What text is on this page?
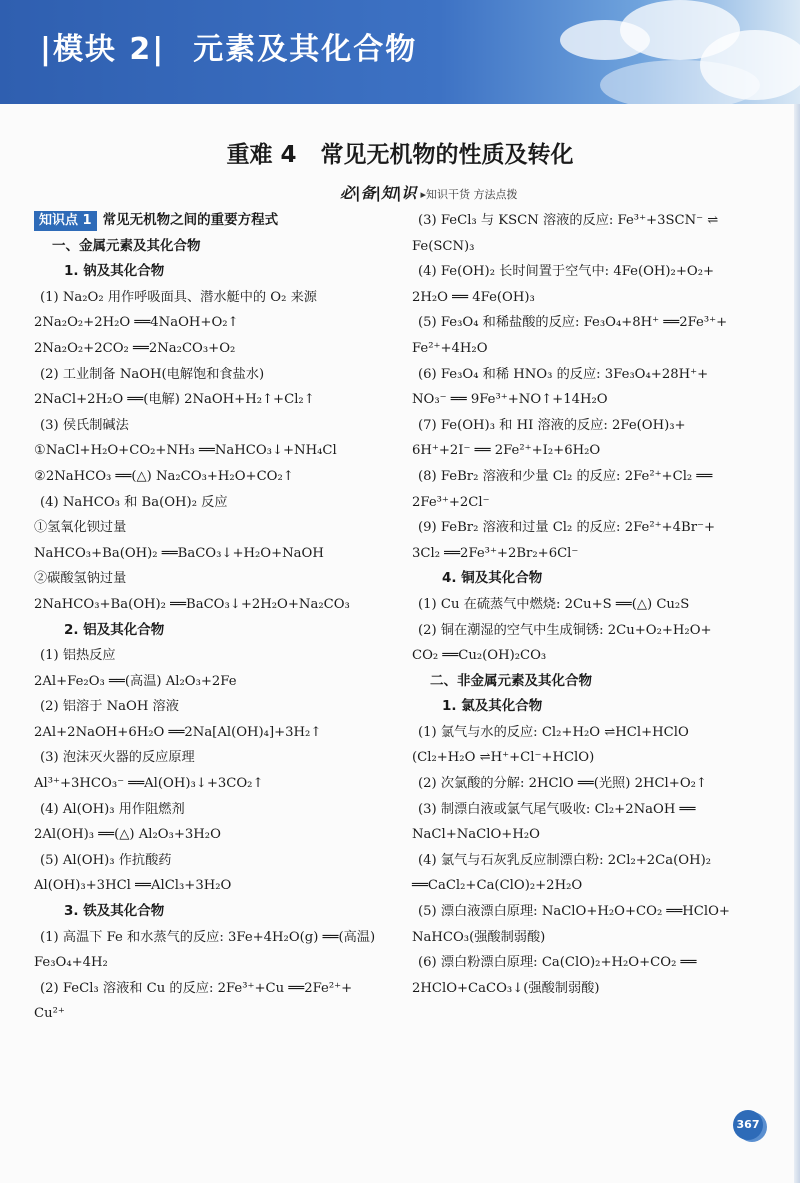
|模块 2| 元素及其化合物
重难 4 常见无机物的性质及转化
必|备|知|识 ▸知识干货 方法点拨
知识点 1 常见无机物之间的重要方程式
一、金属元素及其化合物
1. 钠及其化合物
(1) Na₂O₂ 用作呼吸面具、潜水艇中的 O₂ 来源
2Na₂O₂+2H₂O ══4NaOH+O₂↑
2Na₂O₂+2CO₂ ══2Na₂CO₃+O₂
(2) 工业制备 NaOH(电解饱和食盐水)
2NaCl+2H₂O ══(电解) 2NaOH+H₂↑+Cl₂↑
(3) 侯氏制碱法
①NaCl+H₂O+CO₂+NH₃ ══NaHCO₃↓+NH₄Cl
②2NaHCO₃ ══(△) Na₂CO₃+H₂O+CO₂↑
(4) NaHCO₃ 和 Ba(OH)₂ 反应
①氢氧化钡过量
NaHCO₃+Ba(OH)₂ ══BaCO₃↓+H₂O+NaOH
②碳酸氢钠过量
2NaHCO₃+Ba(OH)₂ ══BaCO₃↓+2H₂O+Na₂CO₃
2. 铝及其化合物
(1) 铝热反应
2Al+Fe₂O₃ ══(高温) Al₂O₃+2Fe
(2) 铝溶于 NaOH 溶液
2Al+2NaOH+6H₂O ══2Na[Al(OH)₄]+3H₂↑
(3) 泡沫灭火器的反应原理
Al³⁺+3HCO₃⁻ ══Al(OH)₃↓+3CO₂↑
(4) Al(OH)₃ 用作阻燃剂
2Al(OH)₃ ══(△) Al₂O₃+3H₂O
(5) Al(OH)₃ 作抗酸药
Al(OH)₃+3HCl ══AlCl₃+3H₂O
3. 铁及其化合物
(1) 高温下 Fe 和水蒸气的反应: 3Fe+4H₂O(g) ══(高温)
Fe₃O₄+4H₂
(2) FeCl₃ 溶液和 Cu 的反应: 2Fe³⁺+Cu ══2Fe²⁺+
Cu²⁺
(3) FeCl₃ 与 KSCN 溶液的反应: Fe³⁺+3SCN⁻ ⇌
Fe(SCN)₃
(4) Fe(OH)₂ 长时间置于空气中: 4Fe(OH)₂+O₂+
2H₂O ══ 4Fe(OH)₃
(5) Fe₃O₄ 和稀盐酸的反应: Fe₃O₄+8H⁺ ══2Fe³⁺+
Fe²⁺+4H₂O
(6) Fe₃O₄ 和稀 HNO₃ 的反应: 3Fe₃O₄+28H⁺+
NO₃⁻ ══ 9Fe³⁺+NO↑+14H₂O
(7) Fe(OH)₃ 和 HI 溶液的反应: 2Fe(OH)₃+
6H⁺+2I⁻ ══ 2Fe²⁺+I₂+6H₂O
(8) FeBr₂ 溶液和少量 Cl₂ 的反应: 2Fe²⁺+Cl₂ ══
2Fe³⁺+2Cl⁻
(9) FeBr₂ 溶液和过量 Cl₂ 的反应: 2Fe²⁺+4Br⁻+
3Cl₂ ══2Fe³⁺+2Br₂+6Cl⁻
4. 铜及其化合物
(1) Cu 在硫蒸气中燃烧: 2Cu+S ══(△) Cu₂S
(2) 铜在潮湿的空气中生成铜锈: 2Cu+O₂+H₂O+
CO₂ ══Cu₂(OH)₂CO₃
二、非金属元素及其化合物
1. 氯及其化合物
(1) 氯气与水的反应: Cl₂+H₂O ⇌HCl+HClO
(Cl₂+H₂O ⇌H⁺+Cl⁻+HClO)
(2) 次氯酸的分解: 2HClO ══(光照) 2HCl+O₂↑
(3) 制漂白液或氯气尾气吸收: Cl₂+2NaOH ══
NaCl+NaClO+H₂O
(4) 氯气与石灰乳反应制漂白粉: 2Cl₂+2Ca(OH)₂
══CaCl₂+Ca(ClO)₂+2H₂O
(5) 漂白液漂白原理: NaClO+H₂O+CO₂ ══HClO+
NaHCO₃(强酸制弱酸)
(6) 漂白粉漂白原理: Ca(ClO)₂+H₂O+CO₂ ══
2HClO+CaCO₃↓(强酸制弱酸)
367
